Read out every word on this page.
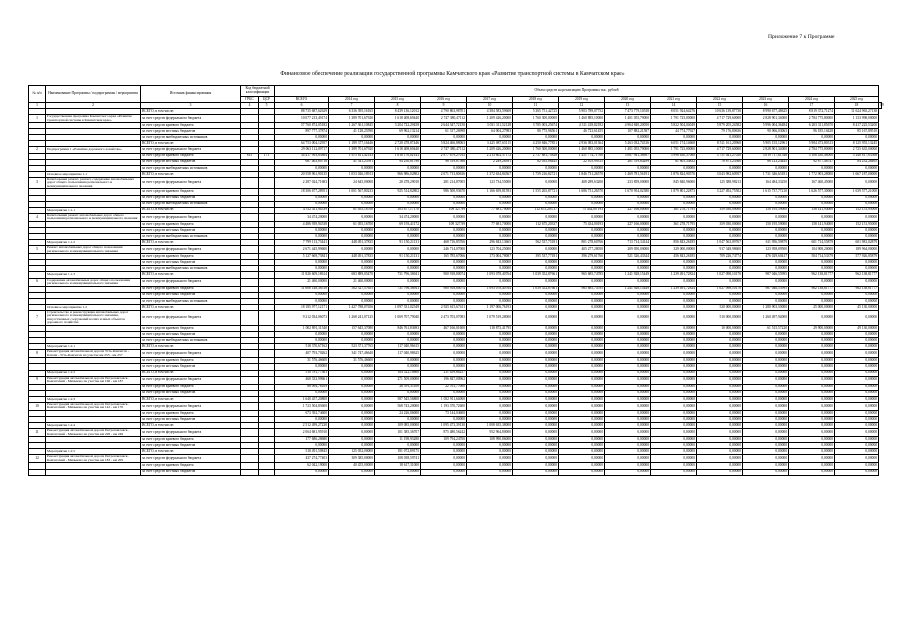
Приложение 7 к Программе
Финансовое обеспечение реализации государственной программы Камчатского края «Развитие транспортной системы в Камчатском крае»
№ п/п	Наименование Программы / подпрограммы / мероприятия	Источник финансирования	Код бюджетной классификации		Объем средств на реализацию Программы тыс. рублей													
			ГРБС	ЦСР	ВСЕГО	2014 год	2015 год	2016 год	2017 год	2018 год	2019 год	2020 год	2021 год	2022 год	2023 год	2024 год	2025 год	
1	2	3	4	5	6	7	8	9	10	11	12	13	14	15	16	17	18	19
		ВСЕГО, в том числе:			88 735 687,62629	6 336 395,16165	8 439 136,12012	4 790 863,98701	4 384 583,59608	5 365 751,42725	5 903 789,07752	7 473 779,10538	8 051 924,64276	10 636 139,87738	8 990 677,48625	8 819 372,71274	11 624 965,27138	
1	Государственная программа Камчатского края «Развитие транспортной системы в Камчатском крае»	за счет средств федерального бюджета			10 077 213,49174	1 389 701,67920	1 618 408,69440	2 747 380,47112	1 209 426,20000	1 760 300,00000	1 460 885,10000	1 401 055,79000	1 791 725,00000	4 717 729,60000	2 828 901,34000	2 784 775,80000	1 133 998,00000	
		за счет средств краевого бюджета			57 760 874,05182	1 267 361,10845	3 204 722,29458	2 644 347,72150	3 031 311,52128	3 785 003,25674	4 311 418,82182	4 964 840,20050	5 822 504,04049	5 879 205,24582	5 996 004,36484	6 203 311,85670	8 417 225,53200	
		за счет средств местных бюджетов			897 777,37874	41 128,25590	69 962,13214	61 317,26998	64 004,27983	80 775,96561	46 723,61455	107 882,21587	44 774,77927	79 176,80636	90 966,03063	96 185,10428	85 167,89510	
		за счет средств внебюджетных источников			0,00000	0,00000	0,00000	0,00000	0,00000	0,00000	0,00000	0,00000	0,00000	0,00000	0,00000	0,00000	0,00000	
		ВСЕГО, в том числе:			64 753 004,12957	1 189 377,16446	2 728 478,87446	5 824 466,88063	3 425 087,65115	4 250 846,77851	2 936 083,01364	5 263 032,74316	6 051 174,14668	8 511 161,20968	5 905 155,12961	5 984 473,80313	8 125 955,13245	
2	Подпрограмма 1 «Развитие дорожного хозяйства»	за счет средств федерального бюджета			29 063 112,09717	1 389 701,67920	1 618 408,69440	2 747 380,47112	1 209 426,20000	1 760 300,00000	1 460 885,10000	1 401 055,79000	1 791 725,00000	4 717 729,60000	2 828 901,34000	2 784 775,80000	2 725 635,00000	
		за счет средств краевого бюджета	815	171	34 417 993,83864	1 675 611,42143	1 616 170,02143	2 977 679,27015	2 213 602,37172	2 737 881,75828	1 451 774,71760	3 087 941,38697	3 996 630,37080	3 751 041,27020	3 019 717,61546	3 106 430,48000	5 248 817,63568	
		за счет средств местных бюджетов			687 463,80716	41 541,25591	94 250,81790	98 519,87566	2 249,26391	82 035,06445	22 105,99315	261 519,64299	61 805,34832	78 871,23560	86 123,24445	92 877,48747	84 232,26465	
		за счет средств внебюджетных источников			0,00000	0,00000	0,00000	0,00000	0,00000	0,00000	0,00000	0,00000	0,00000	0,00000	0,00000	0,00000	0,00000	
	Основное мероприятие 1.1	ВСЕГО, в том числе:			20 558 961,90135	1 053 026,18913	966 986,02802	2 071 713,80636	1 372 634,84567	1 759 216,82721	1 846 731,26570	1 469 781,56191	1 876 824,90576	3 043 982,60957	1 731 346,63181	1 772 903,28000	1 667 187,00000	
3	Капитальный ремонт, ремонт, содержание автомобильных дорог общего пользования регионального и межмуниципального значения	за счет средств федерального бюджета			2 287 024,71683	24 645,00000	28 478,29010	281 214,87005	123 734,55000	0,00000	408 289,63200	233 859,00000	845 840,96000	125 388,98213	164 484,33250	167 460,45000	0,00000	
		за счет средств краевого бюджета			18 306 677,28951	1 001 567,80233	925 514,82802	986 500,93670	1 166 659,81593	1 555 265,87721	1 686 731,26570	1 670 954,02380	1 879 801,22873	3 227 492,75502	1 615 737,77210	1 626 577,30000	1 639 577,21000	
		за счет средств местных бюджетов			0,00000	0,00000	0,00000	0,00000	0,00000	0,00000	0,00000	0,00000	0,00000	0,00000	0,00000	0,00000	0,00000	
		за счет средств внебюджетных источников			0,00000	0,00000	0,00000	0,00000	0,00000	0,00000	0,00000	0,00000	0,00000	0,00000	0,00000	0,00000	0,00000	
	Мероприятие 1.1.1	ВСЕГО, в том числе:			4 512 411,94539	61 055,16700	103 677,17170	109 327,99	77 681,70000	112 675,203 37	75 434,00 193	227 166,00000	361 278,71795	359 030,00000	150 195,59000	158 141,94000	152 151,95000	
4	Капитальный ремонт автомобильных дорог общего пользования регионального и межмуниципального значения	за счет средств федерального бюджета			34 474,20000	0,00000	34 474,20000	0,00000	0,00000	0,00000	0,00000	0,00000	0,00000	0,00000	0,00000	0,00000	0,00000	
		за счет средств краевого бюджета			4 486 939,94538	61 055,16700	69 193,41172	109 327,99	77 681,70000	112 675,20337	75 434,00193	227 166,00000	361 278,71795	359 030,00000	150 195,59000	158 141,94000	152 151,95000	
		за счет средств местных бюджетов			0,00000	0,00000	0,00000	0,00000	0,00000	0,00000	0,00000	0,00000	0,00000	0,00000	0,00000	0,00000	0,00000	
		за счет средств внебюджетных источников			0,00000	0,00000	0,00000	0,00000	0,00000	0,00000	0,00000	0,00000	0,00000	0,00000	0,00000	0,00000	0,00000	
	Мероприятие 1.1.2	ВСЕГО, в том числе:			7 799 113,73441	448 491,37835	91 150,21131	468 716,85766	296 843,13665	562 537,75181	801 278,60766	713 714,34144	856 843,26185	1 047 563,09767	611 956,59879	601 714,55879	601 981,02879	
5	Ремонт автомобильных дорог общего пользования регионального и межмуниципального значения	за счет средств федерального бюджета			2 671 445,99600	0,00000	0,00000	246 714,07000	123 704,25000	0,00000	405 277,28050	209 050,00000	329 000,00000	917 348,98600	123 958,09500	104 908,20000	189 964,00000	
		за счет средств краевого бюджета			5 127 669,73841	448 491,37835	91 150,21131	165 785,67066	173 004,78087	395 537,77181	396 279,61766	521 326,43344	456 843,26185	709 226,74774	476 029,60417	504 714,53379	577 926,85879	
		за счет средств местных бюджетов			0,00000	0,00000	0,00000	0,00000	0,00000	0,00000	0,00000	0,00000	0,00000	0,00000	0,00000	0,00000	0,00000	
		за счет средств внебюджетных источников			0,00000	0,00000	0,00000	0,00000	0,00000	0,00000	0,00000	0,00000	0,00000	0,00000	0,00000	0,00000	0,00000	
	Мероприятие 1.1.3	ВСЕГО, в том числе:			11 826 609,18614	683 889,05470	731 796,36941	900 918,80074	1 093 078,40764	1 039 352,87661	965 685,74785	1 241 928,15449	1 239 491,72824	1 027 098,10170	987 046,55995	962 138,81777	962 138,81777	
6	Содержание автомобильных дорог общего пользования регионального и межмуниципального значения	за счет средств федерального бюджета			21 460,00000	21 460,00000	0,00000	0,00000	0,00000	0,00000	0,00000	0,00000	0,00000	0,00000	0,00000	0,00000	0,00000	
		за счет средств краевого бюджета			11 608 148,38518	502 327,57655	731 796,36941	900 918,80074	1 093 078,40764	1 039 352,87661	965 685,74785	1 241 928,15449	1 239 491,72824	1 027 098,10170	987 046,55995	962 138,81777	962 138,81777	
		за счет средств местных бюджетов			0,00000	0,00000	0,00000	0,00000	0,00000	0,00000	0,00000	0,00000	0,00000	0,00000	0,00000	0,00000	0,00000	
		за счет средств внебюджетных источников			0,00000	0,00000	0,00000	0,00000	0,00000	0,00000	0,00000	0,00000	0,00000	0,00000	0,00000	0,00000	0,00000	
	Основное мероприятие 1.2	ВСЕГО, в том числе:			18 185 977,12171	1 427 788,07656	1 097 331,02549	2 925 615,67411	1 197 006,76193	0,00000	0,00000	0,00000	0,00000	520 000,00000	1 280 903,50000	25 000,00000	45 130,00000	
7	Строительство и реконструкция автомобильных дорог регионального и межмуниципального значения, искусственных сооружений на них и иных объектов дорожного хозяйства	за счет средств федерального бюджета			9 212 034,06073	1 268 241,07125	1 069 707,79040	2 473 703,07083	1 079 519,28000	0,00000	0,00000	0,00000	0,00000	510 000,00000	1 260 497,94000	0,00000	0,00000	
		за счет средств краевого бюджета			1 002 891,11540	157 645,37080	846 761,83693	467 166,01600	118 873,41795	0,00000	0,00000	0,00000	0,00000	10 000,00000	61 515,57220	29 900,00000	49 130,00000	
		за счет средств местных бюджетов			0,00000	0,00000	0,00000	0,00000	0,00000	0,00000	0,00000	0,00000	0,00000	0,00000	0,00000	0,00000	0,00000	
		за счет средств внебюджетных источников			0,00000	0,00000	0,00000	0,00000	0,00000	0,00000	0,00000	0,00000	0,00000	0,00000	0,00000	0,00000	0,00000	
	Мероприятие 1.2.1	ВСЕГО, в том числе:			518 370,67162	523 371,37765	117 040,96615	0,00000	0,00000	0,00000	0,00000	0,00000	0,00000	0,00000	0,00000	0,00000	0,00000	
8	Реконструкция автомобильной дороги Усть-Камчатск - Ключи - Усть-Камчатск на участке км 253 - км 257	за счет средств федерального бюджета			407 793,70262	341 747,46640	117 040,98625	0,00000	0,00000	0,00000	0,00000	0,00000	0,00000	0,00000	0,00000	0,00000	0,00000	
		за счет средств краевого бюджета			31 576,46600	31 576,46600	0,00000	0,00000	0,00000	0,00000	0,00000	0,00000	0,00000	0,00000	0,00000	0,00000	0,00000	
		за счет средств местных бюджетов			0,00000	0,00000	0,00000	0,00000	0,00000	0,00000	0,00000	0,00000	0,00000	0,00000	0,00000	0,00000	0,00000	
	Мероприятие 1.2.2	ВСЕГО, в том числе:			510 781,77361	0,00000	184 522,10800	211 459,66257	0,00000	0,00000	0,00000	0,00000	0,00000	0,00000	0,00000	0,00000	0,00000	
9	Реконструкция автомобильной дороги Петропавловск-Камчатский - Мильково на участке км 166 - км 187	за счет средств федерального бюджета			468 333,99661	0,00000	271 509,00000	196 847,00962	0,00000	0,00000	0,00000	0,00000	0,00000	0,00000	0,00000	0,00000	0,00000	
		за счет средств краевого бюджета			68 094,76109	0,00000	26 591,31100	22 761,77000	0,00000	0,00000	0,00000	0,00000	0,00000	0,00000	0,00000	0,00000	0,00000	
		за счет средств местных бюджетов			0,00000	0,00000	0,00000	0,00000	0,00000	0,00000	0,00000	0,00000	0,00000	0,00000	0,00000	0,00000	0,00000	
	Мероприятие 1.2.3	ВСЕГО, в том числе:			1 640 457,20800	0,00000	587 545,56800	1 052 911,64000	0,00000	0,00000	0,00000	0,00000	0,00000	0,00000	0,00000	0,00000	0,00000	
10	Реконструкция автомобильной дороги Петропавловск-Камчатский - Мильково на участке км 142 - км 170	за счет средств федерального бюджета			1 723 504,83600	0,00000	568 743,20000	1 193 370,72600	0,00000	0,00000	0,00000	0,00000	0,00000	0,00000	0,00000	0,00000	0,00000	
		за счет средств краевого бюджета			673 392,74600	0,00000	24 226,06000	73 144,04600	0,00000	0,00000	0,00000	0,00000	0,00000	0,00000	0,00000	0,00000	0,00000	
		за счет средств местных бюджетов			0,00000	0,00000	0,00000	0,00000	0,00000	0,00000	0,00000	0,00000	0,00000	0,00000	0,00000	0,00000	0,00000	
	Мероприятие 1.2.4	ВСЕГО, в том числе:			2 512 499,27230	0,00000	109 085,00000	1 095 473,39130	1 008 635,38000	0,00000	0,00000	0,00000	0,00000	0,00000	0,00000	0,00000	0,00000	
11	Реконструкция автомобильной дороги Петропавловск-Камчатский - Мильково на участке км 228 - км 249	за счет средств федерального бюджета			2 064 681,95910	0,00000	101 385,36707	875 480,56242	952 964,80000	0,00000	0,00000	0,00000	0,00000	0,00000	0,00000	0,00000	0,00000	
		за счет средств краевого бюджета			177 686,28680	0,00000	11 198,93280	109 794,24700	108 990,86000	0,00000	0,00000	0,00000	0,00000	0,00000	0,00000	0,00000	0,00000	
		за счет средств местных бюджетов			0,00000	0,00000	0,00000	0,00000	0,00000	0,00000	0,00000	0,00000	0,00000	0,00000	0,00000	0,00000	0,00000	
	Мероприятие 1.2.5	ВСЕГО, в том числе:			518 491,50843	125 052,00000	181 072,89175	0,00000	0,00000	0,00000	0,00000	0,00000	0,00000	0,00000	0,00000	0,00000	0,00000	
12	Реконструкция автомобильной дороги Петропавловск-Камчатский - Мильково на участке км 183 - км 205	за счет средств федерального бюджета			437 274,77403	309 385,00000	108 038,59741	0,00000	0,00000	0,00000	0,00000	0,00000	0,00000	0,00000	0,00000	0,00000	0,00000	
		за счет средств краевого бюджета			62 042,19000	40 455,00000	18 617,31000	0,00000	0,00000	0,00000	0,00000	0,00000	0,00000	0,00000	0,00000	0,00000	0,00000	
		за счет средств местных бюджетов			0,00000	0,00000	0,00000	0,00000	0,00000	0,00000	0,00000	0,00000	0,00000	0,00000	0,00000	0,00000	0,00000	
